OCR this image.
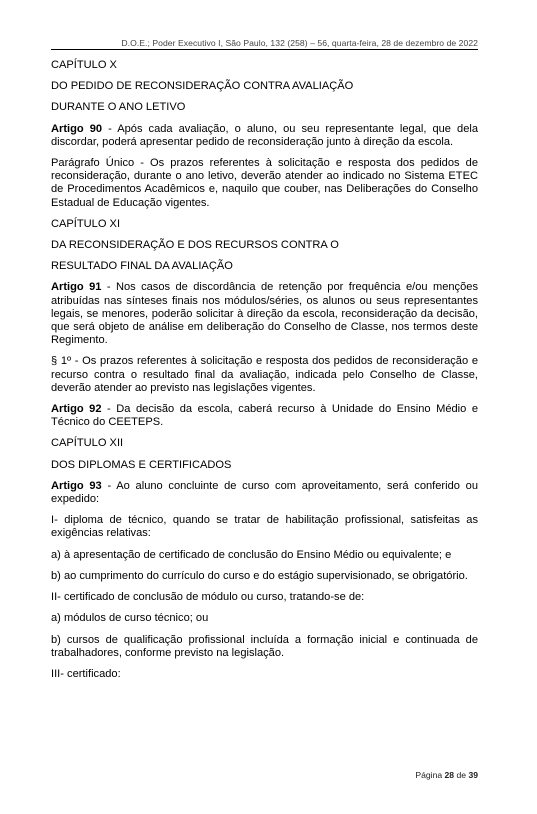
D.O.E.; Poder Executivo I, São Paulo, 132 (258) – 56, quarta-feira, 28 de dezembro de 2022

CAPÍTULO X

DO PEDIDO DE RECONSIDERAÇÃO CONTRA AVALIAÇÃO

DURANTE O ANO LETIVO

Artigo 90 - Após cada avaliação, o aluno, ou seu representante legal, que dela discordar, poderá apresentar pedido de reconsideração junto à direção da escola.

Parágrafo Único - Os prazos referentes à solicitação e resposta dos pedidos de reconsideração, durante o ano letivo, deverão atender ao indicado no Sistema ETEC de Procedimentos Acadêmicos e, naquilo que couber, nas Deliberações do Conselho Estadual de Educação vigentes.

CAPÍTULO XI

DA RECONSIDERAÇÃO E DOS RECURSOS CONTRA O

RESULTADO FINAL DA AVALIAÇÃO

Artigo 91 - Nos casos de discordância de retenção por frequência e/ou menções atribuídas nas sínteses finais nos módulos/séries, os alunos ou seus representantes legais, se menores, poderão solicitar à direção da escola, reconsideração da decisão, que será objeto de análise em deliberação do Conselho de Classe, nos termos deste Regimento.

§ 1º - Os prazos referentes à solicitação e resposta dos pedidos de reconsideração e recurso contra o resultado final da avaliação, indicada pelo Conselho de Classe, deverão atender ao previsto nas legislações vigentes.

Artigo 92 - Da decisão da escola, caberá recurso à Unidade do Ensino Médio e Técnico do CEETEPS.

CAPÍTULO XII

DOS DIPLOMAS E CERTIFICADOS

Artigo 93 - Ao aluno concluinte de curso com aproveitamento, será conferido ou expedido:

I- diploma de técnico, quando se tratar de habilitação profissional, satisfeitas as exigências relativas:

a) à apresentação de certificado de conclusão do Ensino Médio ou equivalente; e

b) ao cumprimento do currículo do curso e do estágio supervisionado, se obrigatório.

II- certificado de conclusão de módulo ou curso, tratando-se de:

a) módulos de curso técnico; ou

b) cursos de qualificação profissional incluída a formação inicial e continuada de trabalhadores, conforme previsto na legislação.

III- certificado:

Página 28 de 39
